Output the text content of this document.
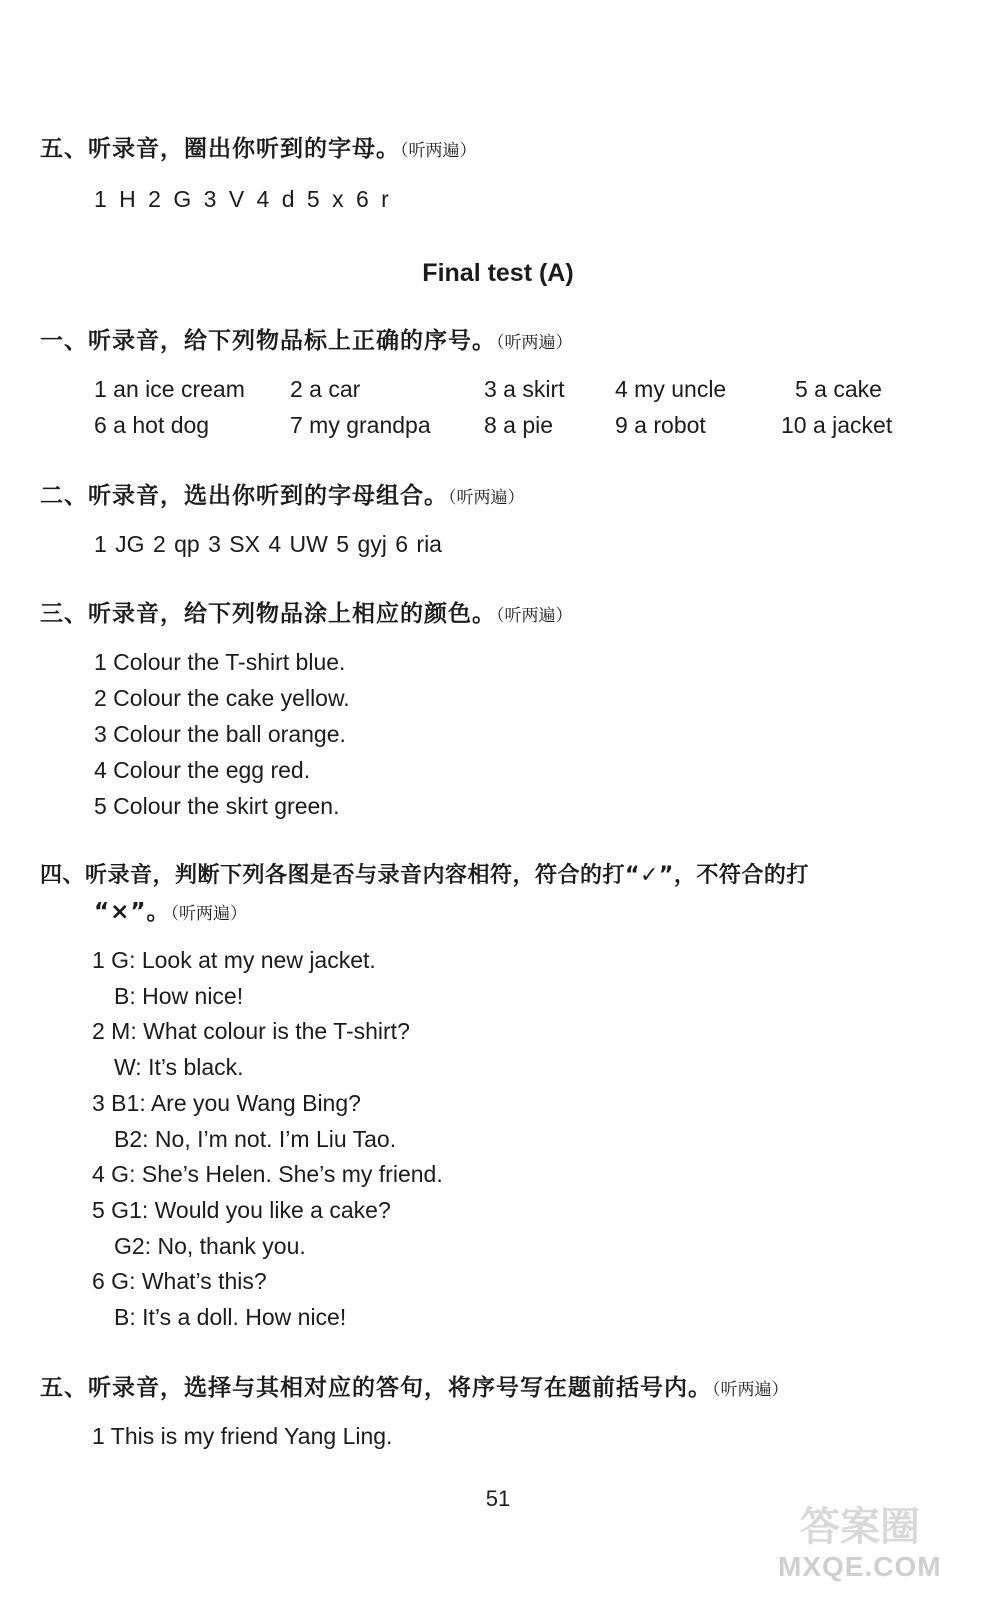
五、听录音，圈出你听到的字母。（听两遍）
1 H 2 G 3 V 4 d 5 x 6 r
Final test (A)
一、听录音，给下列物品标上正确的序号。（听两遍）
1 an ice cream 2 a car	3 a skirt 4 my uncle	5 a cake
6 a hot dog	7 my grandpa 8 a pie	9 a robot	10 a jacket
二、听录音，选出你听到的字母组合。（听两遍）
1 JG 2 qp 3 SX 4 UW 5 gyj 6 ria
三、听录音，给下列物品涂上相应的颜色。（听两遍）
1 Colour the T-shirt blue.
2 Colour the cake yellow.
3 Colour the ball orange.
4 Colour the egg red.
5 Colour the skirt green.
四、听录音，判断下列各图是否与录音内容相符，符合的打“✓”，不符合的打
“×”。（听两遍）
1 G: Look at my new jacket.
B: How nice!
2 M: What colour is the T-shirt?
W: It’s black.
3 B1: Are you Wang Bing?
B2: No, I’m not. I’m Liu Tao.
4 G: She’s Helen. She’s my friend.
5 G1: Would you like a cake?
G2: No, thank you.
6 G: What’s this?
B: It’s a doll. How nice!
五、听录音，选择与其相对应的答句，将序号写在题前括号内。（听两遍）
1 This is my friend Yang Ling.
51
答案圈
MXQE.COM
